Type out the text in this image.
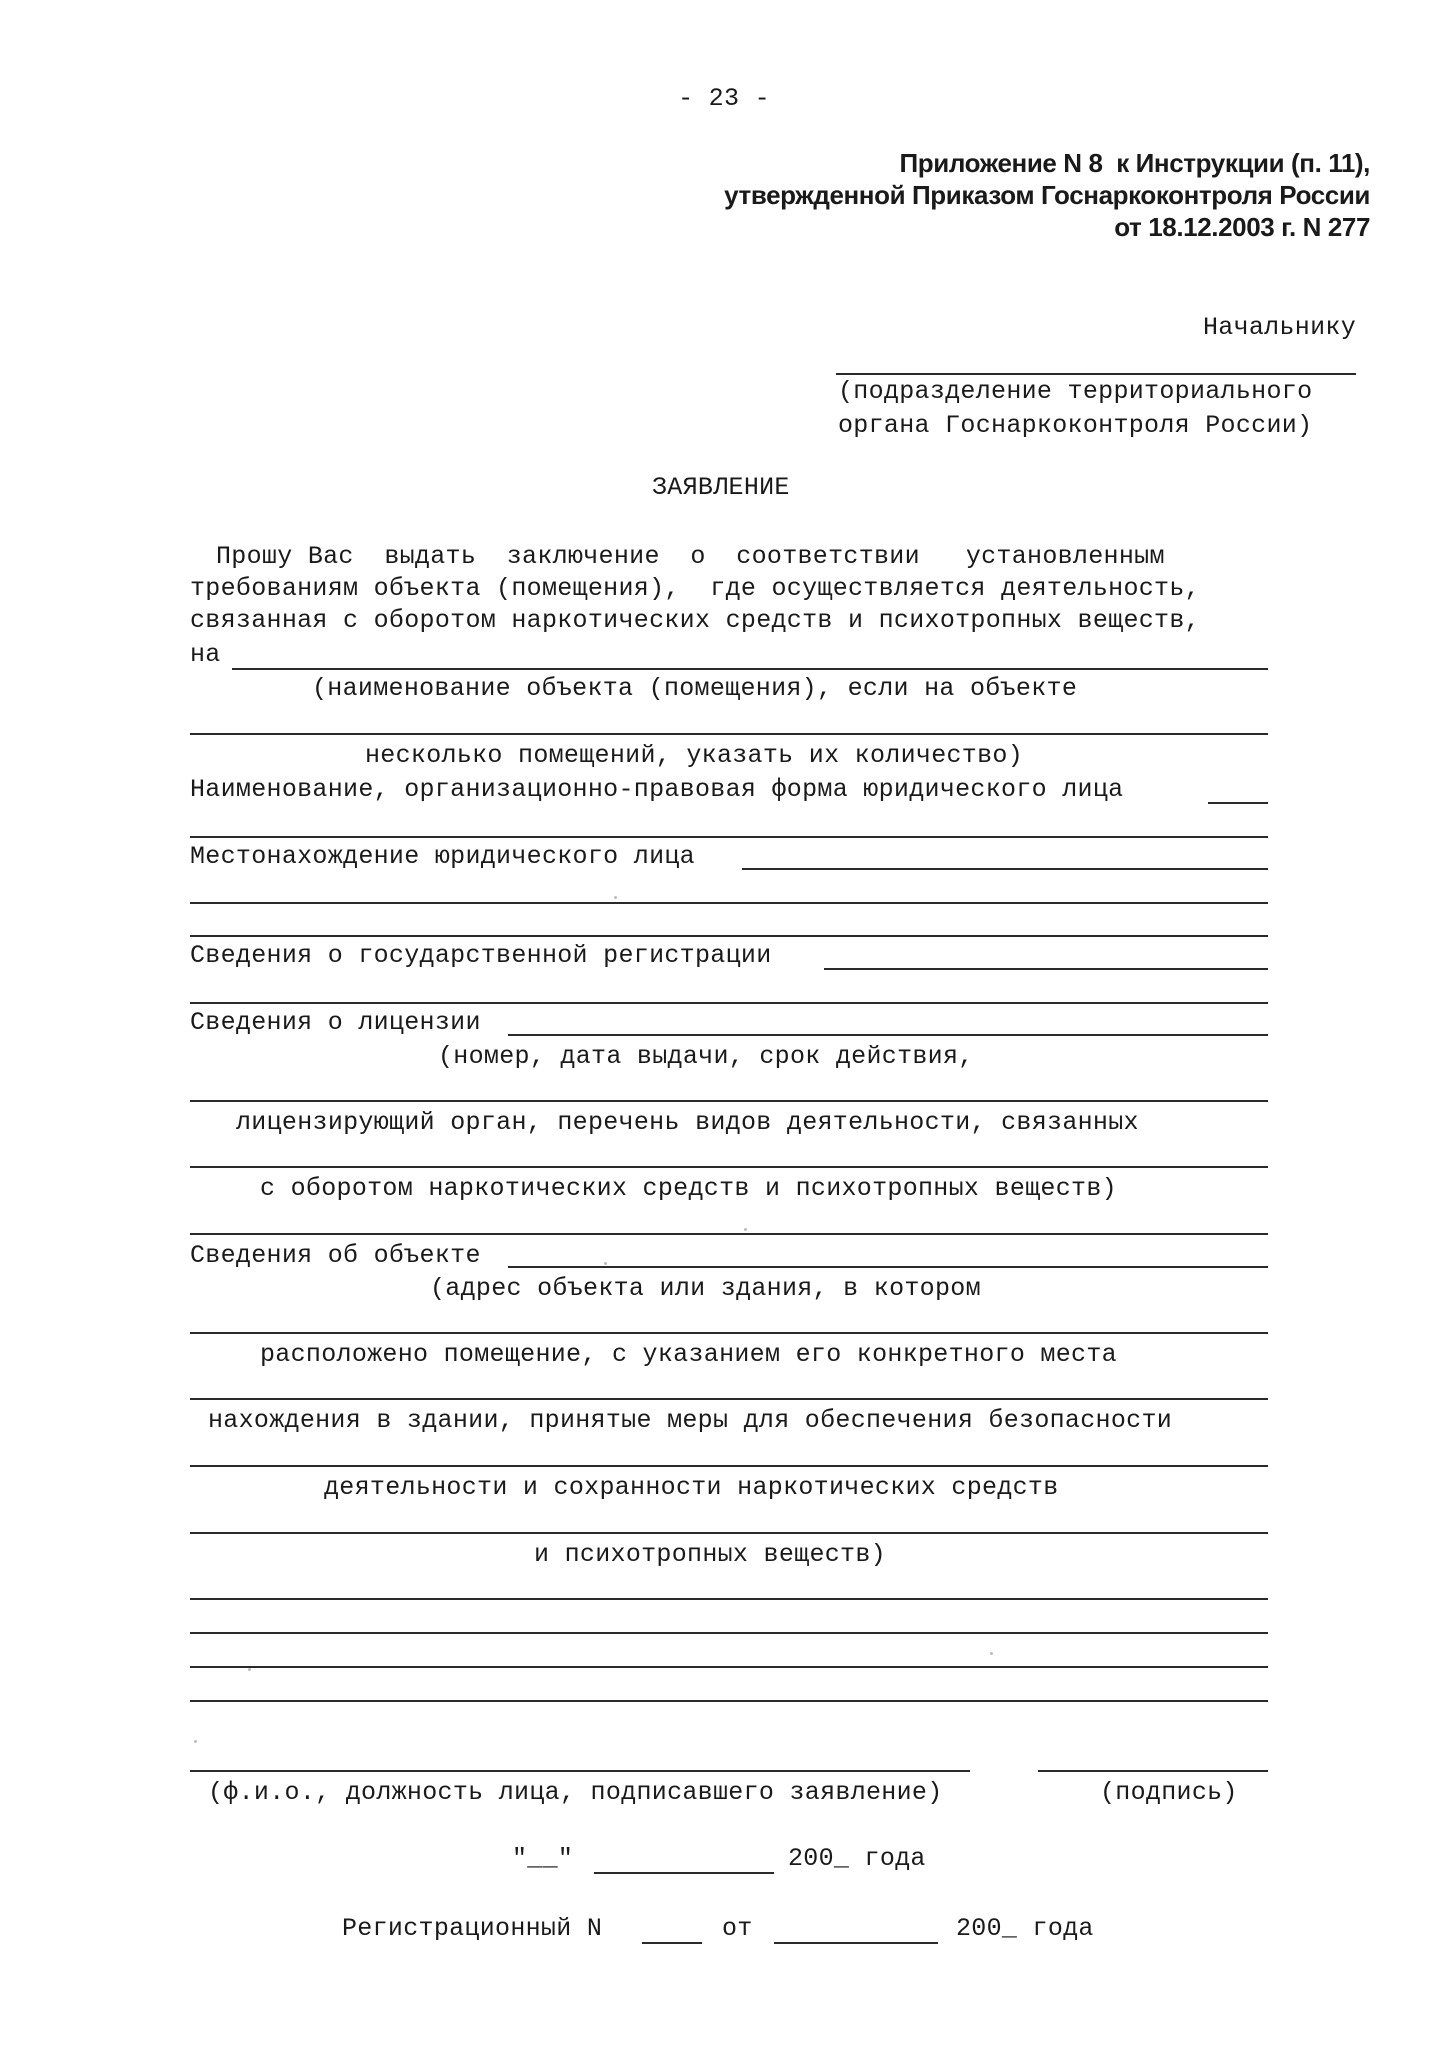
- 23 -
Приложение N 8  к Инструкции (п. 11),
утвержденной Приказом Госнаркоконтроля России
от 18.12.2003 г. N 277
Начальнику
(подразделение территориального
органа Госнаркоконтроля России)
ЗАЯВЛЕНИЕ
Прошу Вас  выдать  заключение  о  соответствии   установленным
требованиям объекта (помещения),  где осуществляется деятельность,
связанная с оборотом наркотических средств и психотропных веществ,
на
(наименование объекта (помещения), если на объекте
несколько помещений, указать их количество)
Наименование, организационно-правовая форма юридического лица
Местонахождение юридического лица
Сведения о государственной регистрации
Сведения о лицензии
(номер, дата выдачи, срок действия,
лицензирующий орган, перечень видов деятельности, связанных
с оборотом наркотических средств и психотропных веществ)
Сведения об объекте
(адрес объекта или здания, в котором
расположено помещение, с указанием его конкретного места
нахождения в здании, принятые меры для обеспечения безопасности
деятельности и сохранности наркотических средств
и психотропных веществ)
(ф.и.о., должность лица, подписавшего заявление)	(подпись)
"__"	200_ года
Регистрационный N	от	200_ года
